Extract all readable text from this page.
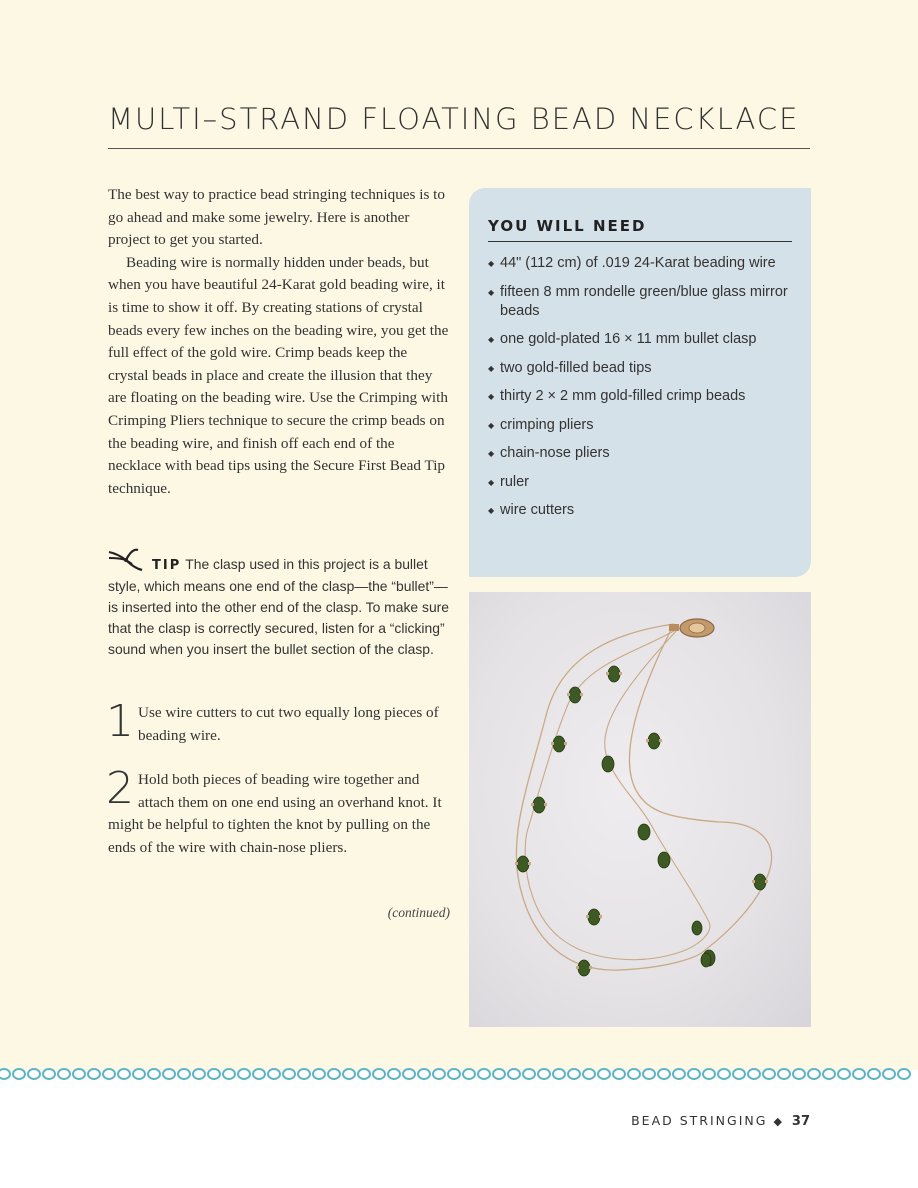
MULTI–STRAND FLOATING BEAD NECKLACE

The best way to practice bead stringing techniques is to go ahead and make some jewelry. Here is another project to get you started.

Beading wire is normally hidden under beads, but when you have beautiful 24-Karat gold beading wire, it is time to show it off. By creating stations of crystal beads every few inches on the beading wire, you get the full effect of the gold wire. Crimp beads keep the crystal beads in place and create the illusion that they are floating on the beading wire. Use the Crimping with Crimping Pliers technique to secure the crimp beads on the beading wire, and finish off each end of the necklace with bead tips using the Secure First Bead Tip technique.

TIP The clasp used in this project is a bullet style, which means one end of the clasp—the “bullet”—is inserted into the other end of the clasp. To make sure that the clasp is correctly secured, listen for a “clicking” sound when you insert the bullet section of the clasp.
1 Use wire cutters to cut two equally long pieces of beading wire.
2 Hold both pieces of beading wire together and attach them on one end using an overhand knot. It might be helpful to tighten the knot by pulling on the ends of the wire with chain-nose pliers.
(continued)
YOU WILL NEED
◆ 44" (112 cm) of .019 24-Karat beading wire
◆ fifteen 8 mm rondelle green/blue glass mirror beads
◆ one gold-plated 16 × 11 mm bullet clasp
◆ two gold-filled bead tips
◆ thirty 2 × 2 mm gold-filled crimp beads
◆ crimping pliers
◆ chain-nose pliers
◆ ruler
◆ wire cutters
BEAD STRINGING ◆ 37
